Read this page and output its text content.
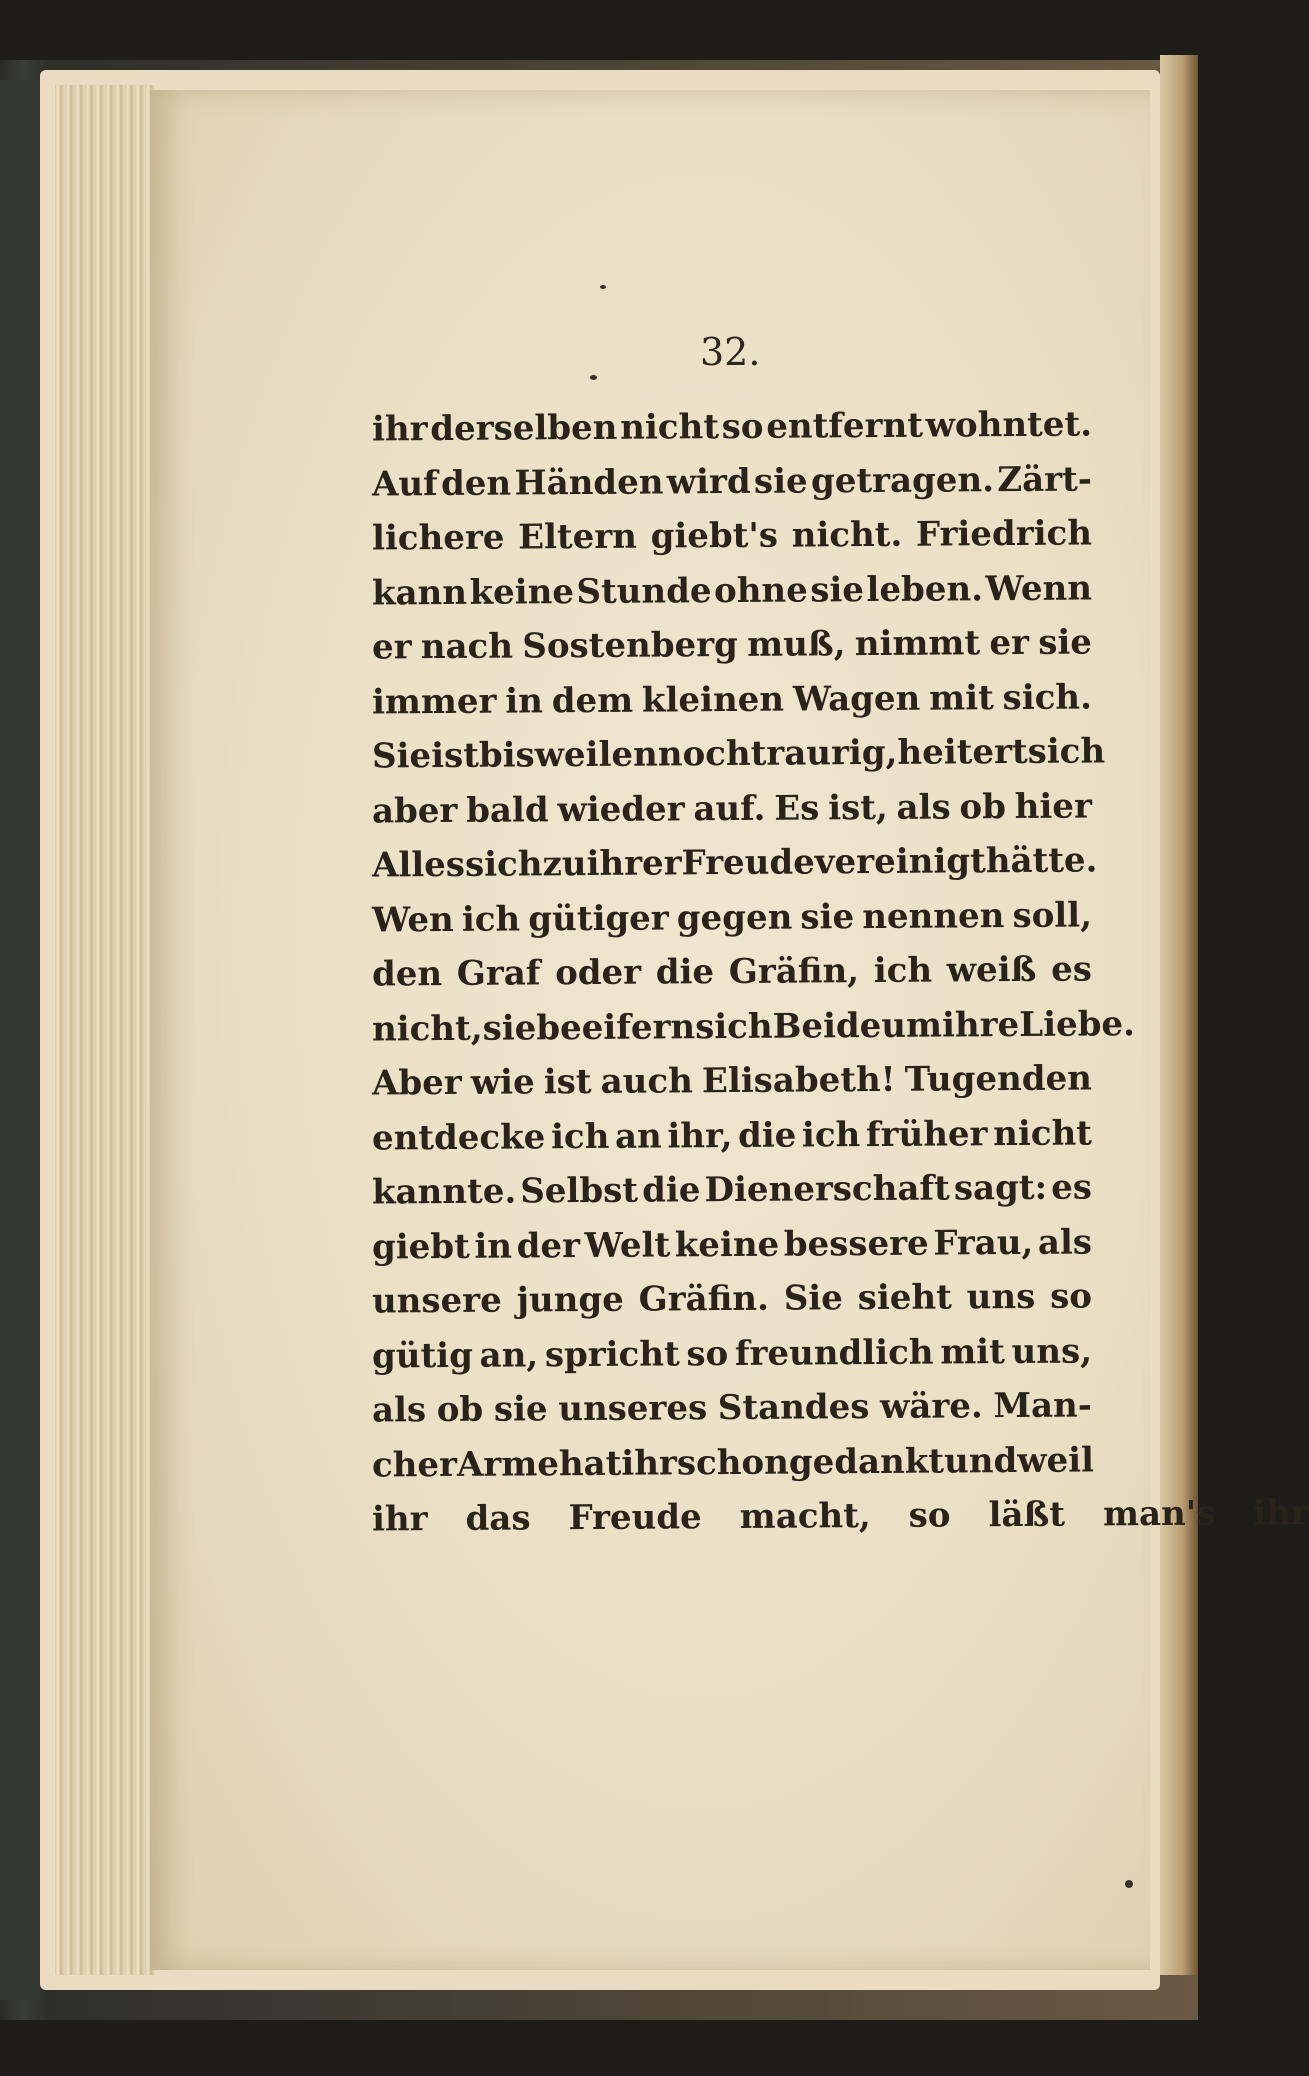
32.
ihr derselben nicht so entfernt wohntet.
Auf den Händen wird sie getragen. Zärt-
lichere Eltern giebt's nicht. Friedrich
kann keine Stunde ohne sie leben. Wenn
er nach Sostenberg muß, nimmt er sie
immer in dem kleinen Wagen mit sich.
Sie ist bisweilen noch traurig, heitert sich
aber bald wieder auf. Es ist, als ob hier
Alles sich zu ihrer Freude vereinigt hätte.
Wen ich gütiger gegen sie nennen soll,
den Graf oder die Gräfin, ich weiß es
nicht, sie beeifern sich Beide um ihre Liebe.
Aber wie ist auch Elisabeth! Tugenden
entdecke ich an ihr, die ich früher nicht
kannte. Selbst die Dienerschaft sagt: es
giebt in der Welt keine bessere Frau, als
unsere junge Gräfin. Sie sieht uns so
gütig an, spricht so freundlich mit uns,
als ob sie unseres Standes wäre. Man-
cher Arme hat ihr schon gedankt und weil
ihr das Freude macht, so läßt man's ihr
